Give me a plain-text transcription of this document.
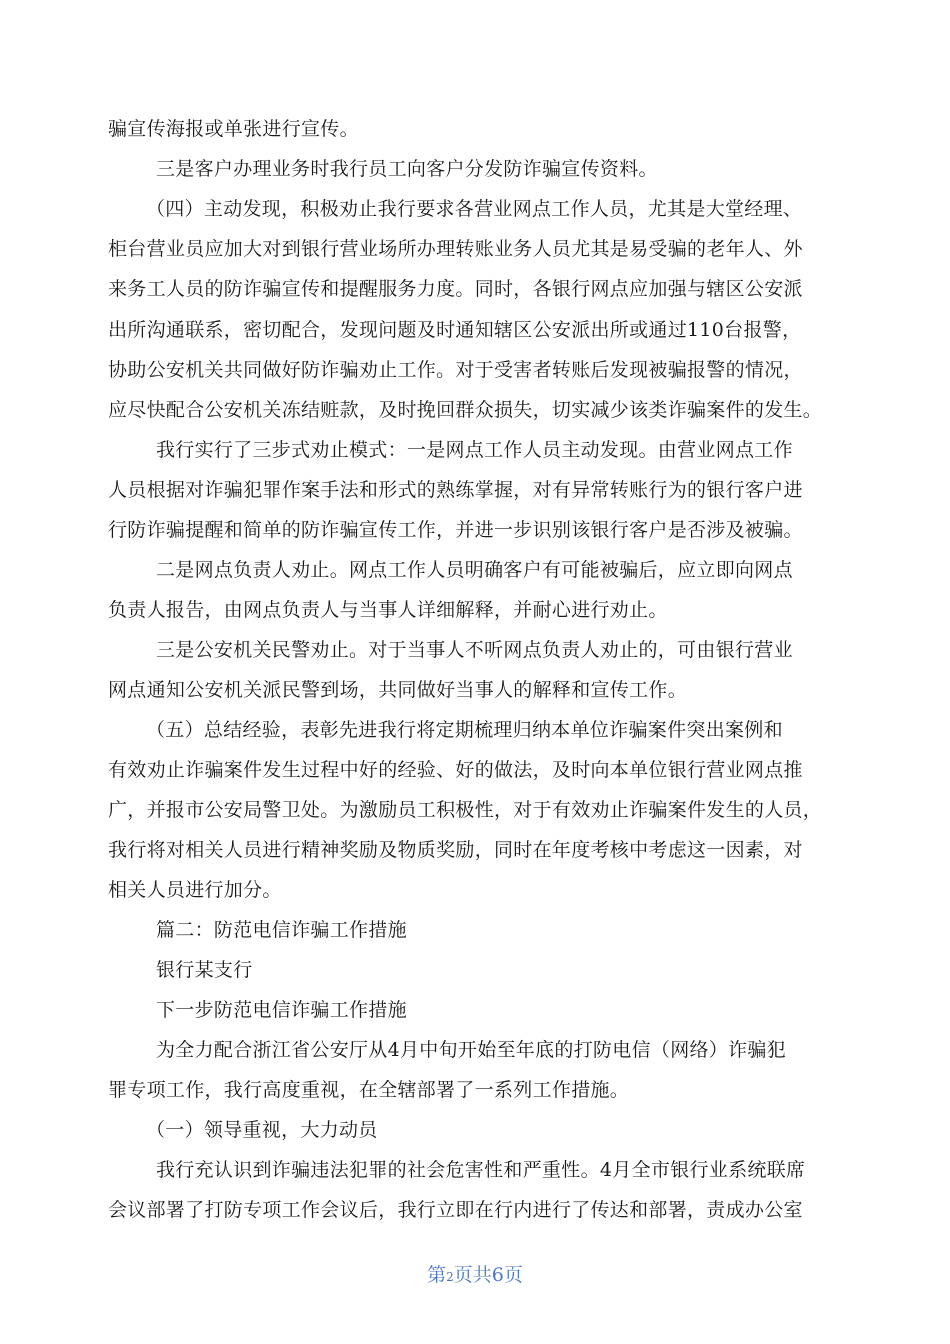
骗宣传海报或单张进行宣传。
三是客户办理业务时我行员工向客户分发防诈骗宣传资料。
（四）主动发现，积极劝止我行要求各营业网点工作人员，尤其是大堂经理、
柜台营业员应加大对到银行营业场所办理转账业务人员尤其是易受骗的老年人、外
来务工人员的防诈骗宣传和提醒服务力度。同时，各银行网点应加强与辖区公安派
出所沟通联系，密切配合，发现问题及时通知辖区公安派出所或通过110台报警，
协助公安机关共同做好防诈骗劝止工作。对于受害者转账后发现被骗报警的情况，
应尽快配合公安机关冻结赃款，及时挽回群众损失，切实减少该类诈骗案件的发生。
我行实行了三步式劝止模式：一是网点工作人员主动发现。由营业网点工作
人员根据对诈骗犯罪作案手法和形式的熟练掌握，对有异常转账行为的银行客户进
行防诈骗提醒和简单的防诈骗宣传工作，并进一步识别该银行客户是否涉及被骗。
二是网点负责人劝止。网点工作人员明确客户有可能被骗后，应立即向网点
负责人报告，由网点负责人与当事人详细解释，并耐心进行劝止。
三是公安机关民警劝止。对于当事人不听网点负责人劝止的，可由银行营业
网点通知公安机关派民警到场，共同做好当事人的解释和宣传工作。
（五）总结经验，表彰先进我行将定期梳理归纳本单位诈骗案件突出案例和
有效劝止诈骗案件发生过程中好的经验、好的做法，及时向本单位银行营业网点推
广，并报市公安局警卫处。为激励员工积极性，对于有效劝止诈骗案件发生的人员，
我行将对相关人员进行精神奖励及物质奖励，同时在年度考核中考虑这一因素，对
相关人员进行加分。
篇二：防范电信诈骗工作措施
银行某支行
下一步防范电信诈骗工作措施
为全力配合浙江省公安厅从4月中旬开始至年底的打防电信（网络）诈骗犯
罪专项工作，我行高度重视，在全辖部署了一系列工作措施。
（一）领导重视，大力动员
我行充认识到诈骗违法犯罪的社会危害性和严重性。4月全市银行业系统联席
会议部署了打防专项工作会议后，我行立即在行内进行了传达和部署，责成办公室
第2页共6页
